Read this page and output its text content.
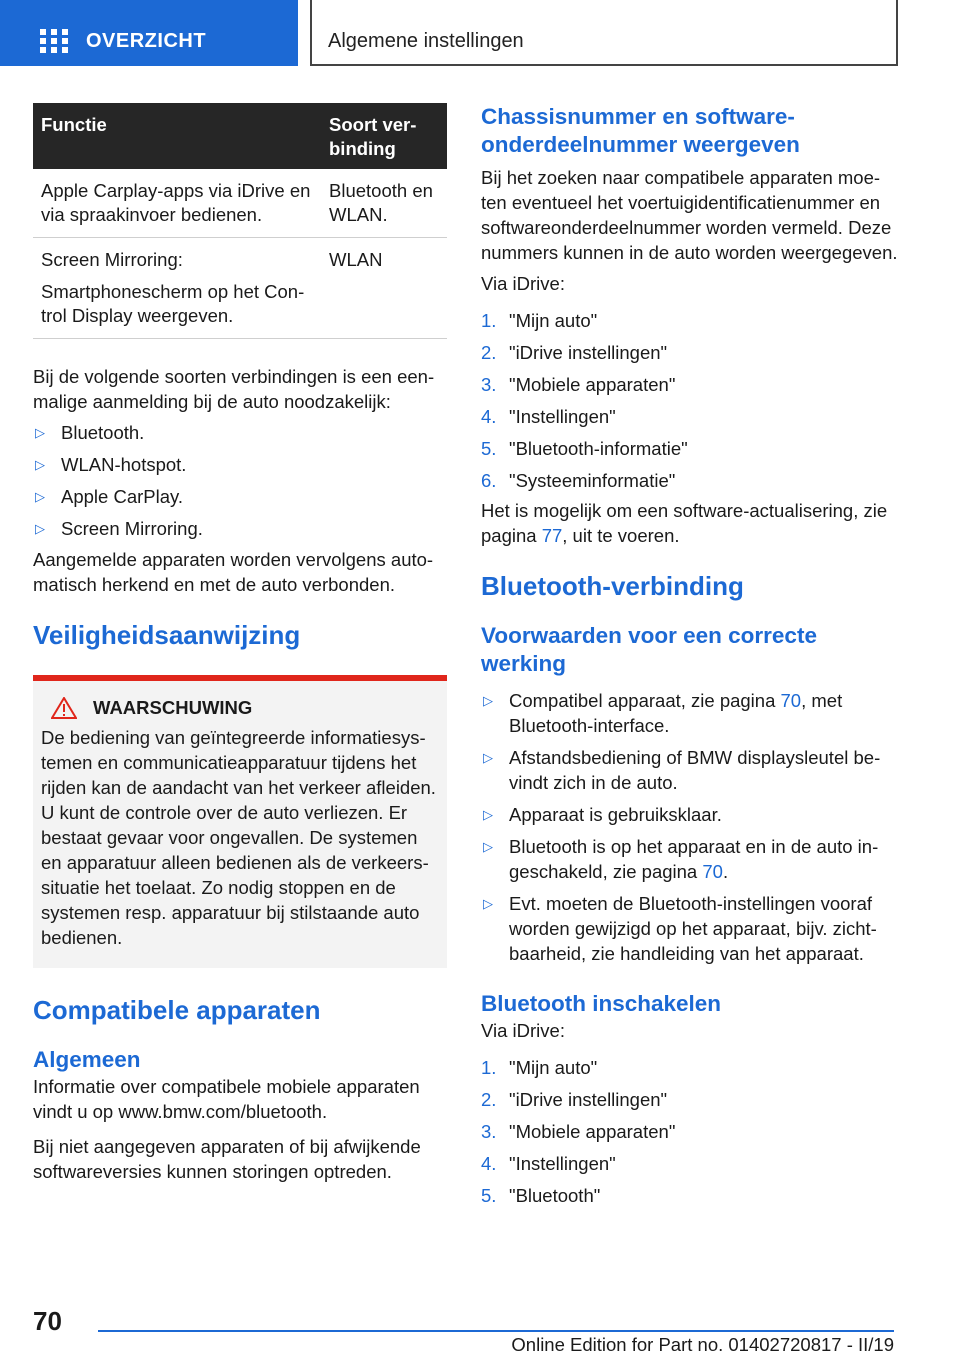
OVERZICHT	Algemene instellingen
Functie	Soort ver-
binding

Apple Carplay-apps via iDrive en via spraakinvoer bedienen.	Bluetooth en WLAN.

Screen Mirroring:

Smartphonescherm op het Control Display weergeven.	WLAN

Bij de volgende soorten verbindingen is een eenmalige aanmelding bij de auto noodzakelijk:

▷ Bluetooth.
▷ WLAN-hotspot.
▷ Apple CarPlay.
▷ Screen Mirroring.

Aangemelde apparaten worden vervolgens automatisch herkend en met de auto verbonden.

Veiligheidsaanwijzing
WAARSCHUWING

De bediening van geïntegreerde informatiesystemen en communicatieapparatuur tijdens het rijden kan de aandacht van het verkeer afleiden. U kunt de controle over de auto verliezen. Er bestaat gevaar voor ongevallen. De systemen en apparatuur alleen bedienen als de verkeerssituatie het toelaat. Zo nodig stoppen en de systemen resp. apparatuur bij stilstaande auto bedienen.

Compatibele apparaten
Algemeen

Informatie over compatibele mobiele apparaten vindt u op www.bmw.com/bluetooth.

Bij niet aangegeven apparaten of bij afwijkende softwareversies kunnen storingen optreden.

Chassisnummer en softwareonderdeelnummer weergeven

Bij het zoeken naar compatibele apparaten moeten eventueel het voertuigidentificatienummer en softwareonderdeelnummer worden vermeld. Deze nummers kunnen in de auto worden weergegeven.

Via iDrive:

1. "Mijn auto"
2. "iDrive instellingen"
3. "Mobiele apparaten"
4. "Instellingen"
5. "Bluetooth-informatie"
6. "Systeeminformatie"

Het is mogelijk om een software-actualisering, zie pagina 77, uit te voeren.

Bluetooth-verbinding
Voorwaarden voor een correcte werking
▷ Compatibel apparaat, zie pagina 70, met Bluetooth-interface.
▷ Afstandsbediening of BMW displaysleutel bevindt zich in de auto.
▷ Apparaat is gebruiksklaar.
▷ Bluetooth is op het apparaat en in de auto ingeschakeld, zie pagina 70.
▷ Evt. moeten de Bluetooth-instellingen vooraf worden gewijzigd op het apparaat, bijv. zichtbaarheid, zie handleiding van het apparaat.
Bluetooth inschakelen

Via iDrive:

1. "Mijn auto"
2. "iDrive instellingen"
3. "Mobiele apparaten"
4. "Instellingen"
5. "Bluetooth"
70
Online Edition for Part no. 01402720817 - II/19
